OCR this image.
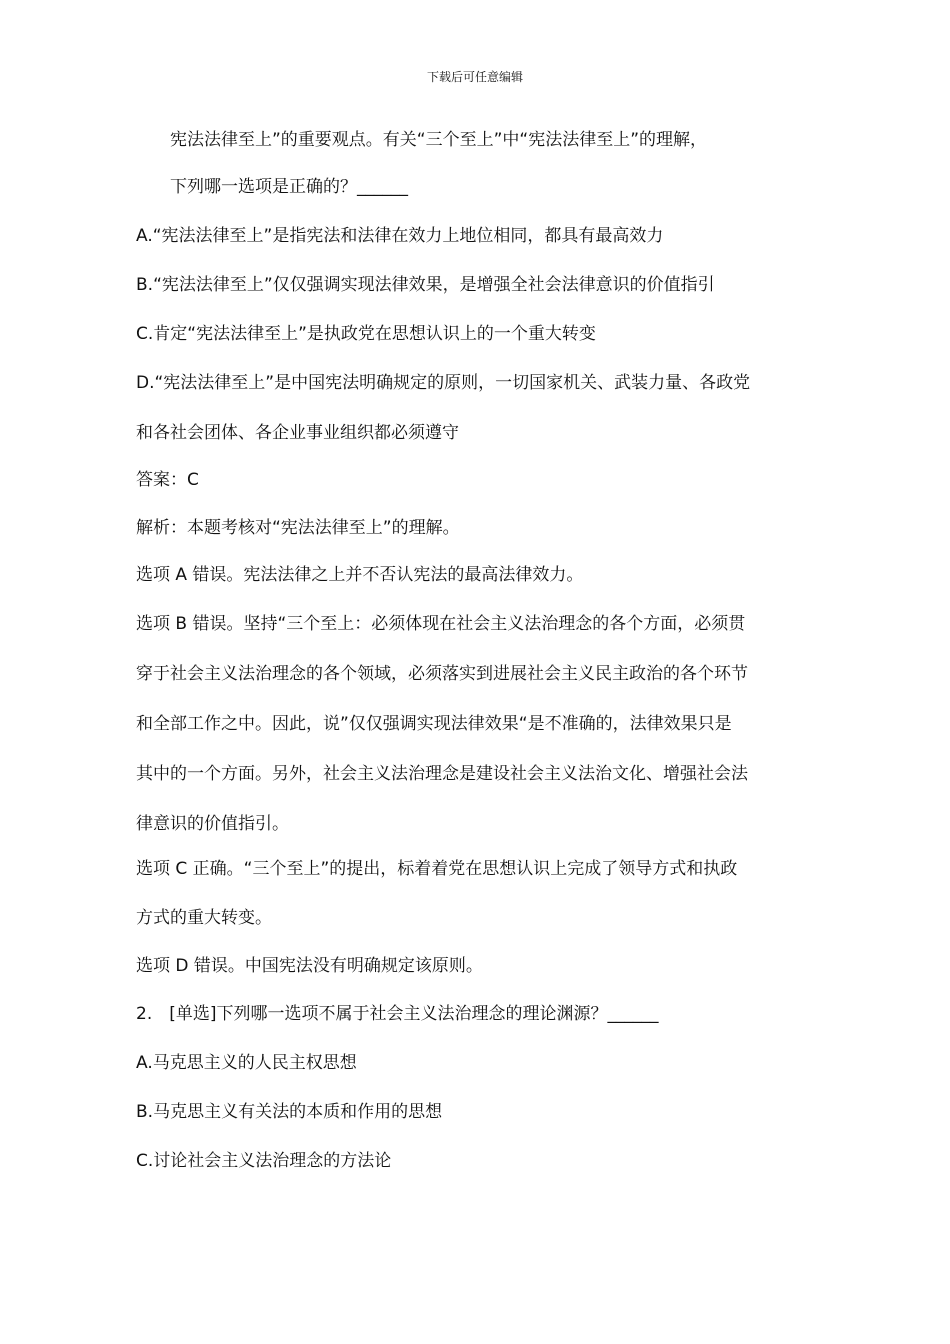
下载后可任意编辑
宪法法律至上”的重要观点。有关“三个至上”中“宪法法律至上”的理解，
下列哪一选项是正确的？______
A.“宪法法律至上”是指宪法和法律在效力上地位相同，都具有最高效力
B.“宪法法律至上”仅仅强调实现法律效果，是增强全社会法律意识的价值指引
C.肯定“宪法法律至上”是执政党在思想认识上的一个重大转变
D.“宪法法律至上”是中国宪法明确规定的原则，一切国家机关、武装力量、各政党
和各社会团体、各企业事业组织都必须遵守
答案：C
解析：本题考核对“宪法法律至上”的理解。
选项 A 错误。宪法法律之上并不否认宪法的最高法律效力。
选项 B 错误。坚持“三个至上：必须体现在社会主义法治理念的各个方面，必须贯
穿于社会主义法治理念的各个领域，必须落实到进展社会主义民主政治的各个环节
和全部工作之中。因此，说”仅仅强调实现法律效果“是不准确的，法律效果只是
其中的一个方面。另外，社会主义法治理念是建设社会主义法治文化、增强社会法
律意识的价值指引。
选项 C 正确。“三个至上”的提出，标着着党在思想认识上完成了领导方式和执政
方式的重大转变。
选项 D 错误。中国宪法没有明确规定该原则。
2.　[单选]下列哪一选项不属于社会主义法治理念的理论渊源？______
A.马克思主义的人民主权思想
B.马克思主义有关法的本质和作用的思想
C.讨论社会主义法治理念的方法论
